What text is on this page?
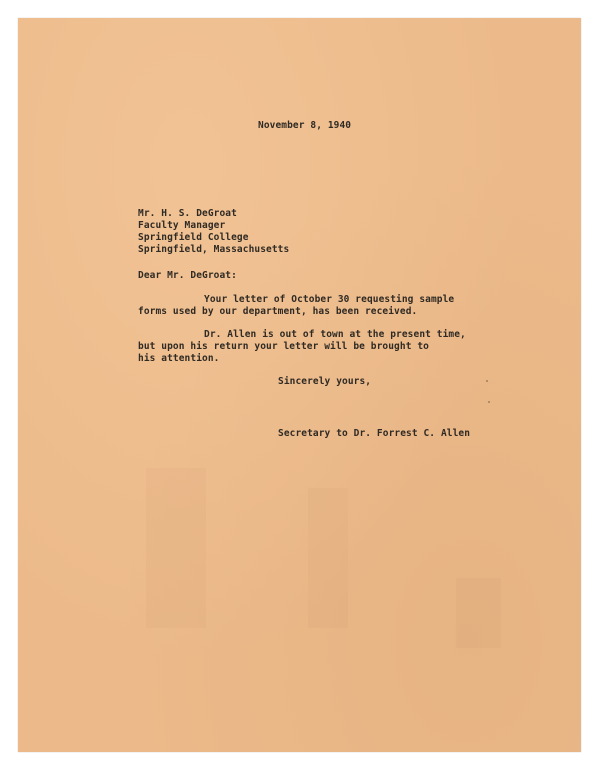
November 8, 1940
Mr. H. S. DeGroat
Faculty Manager
Springfield College
Springfield, Massachusetts
Dear Mr. DeGroat:
Your letter of October 30 requesting sample
forms used by our department, has been received.
Dr. Allen is out of town at the present time,
but upon his return your letter will be brought to
his attention.
Sincerely yours,
Secretary to Dr. Forrest C. Allen
